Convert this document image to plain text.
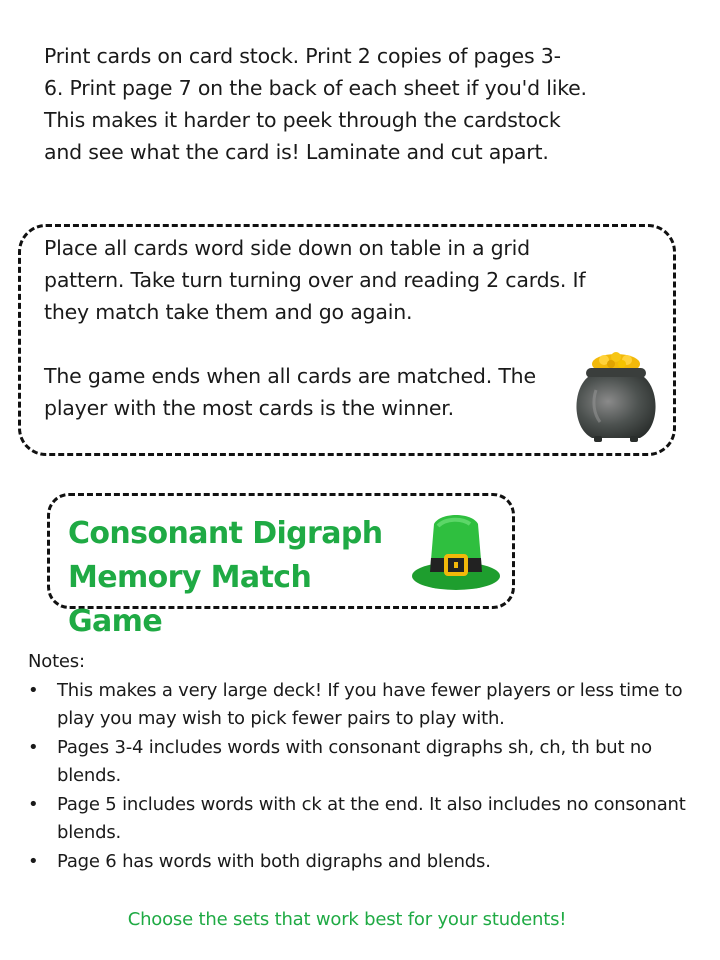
Print cards on card stock. Print 2 copies of pages 3-

6. Print page 7 on the back of each sheet if you'd like.

This makes it harder to peek through the cardstock

and see what the card is! Laminate and cut apart.

Place all cards word side down on table in a grid pattern. Take turn turning over and reading 2 cards. If they match take them and go again.

The game ends when all cards are matched. The player with the most cards is the winner.

Consonant Digraph
Memory Match Game

Notes:

• This makes a very large deck! If you have fewer players or less time to play you may wish to pick fewer pairs to play with.
• Pages 3-4 includes words with consonant digraphs sh, ch, th but no blends.
• Page 5 includes words with ck at the end. It also includes no consonant blends.
• Page 6 has words with both digraphs and blends.
Choose the sets that work best for your students!
